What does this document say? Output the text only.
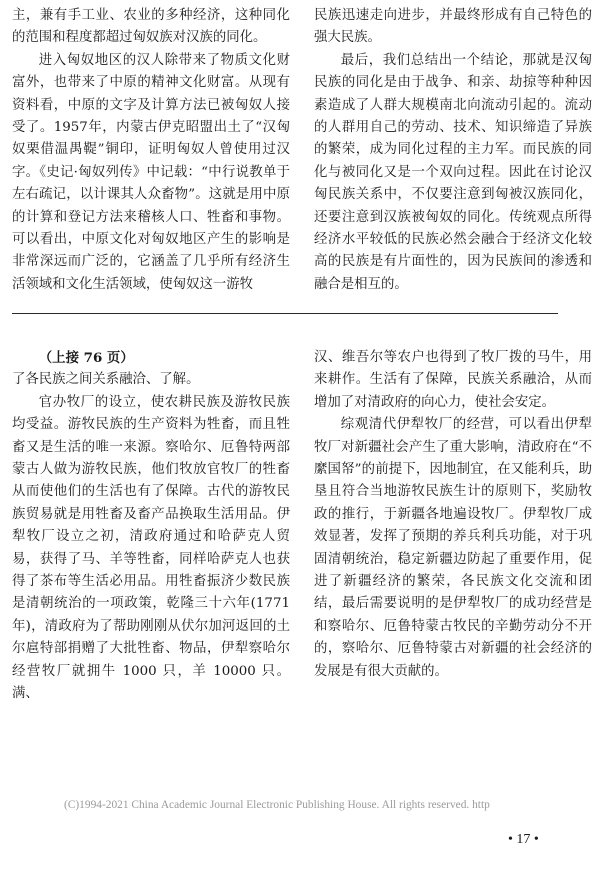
主，兼有手工业、农业的多种经济，这种同化的范围和程度都超过匈奴族对汉族的同化。

进入匈奴地区的汉人除带来了物质文化财富外，也带来了中原的精神文化财富。从现有资料看，中原的文字及计算方法已被匈奴人接受了。1957年，内蒙古伊克昭盟出土了“汉匈奴栗借温禺鞮”铜印，证明匈奴人曾使用过汉字。《史记·匈奴列传》中记载：“中行说教单于左右疏记，以计课其人众畜物”。这就是用中原的计算和登记方法来稽核人口、牲畜和事物。可以看出，中原文化对匈奴地区产生的影响是非常深远而广泛的，它涵盖了几乎所有经济生活领域和文化生活领域，使匈奴这一游牧

民族迅速走向进步，并最终形成有自己特色的强大民族。

最后，我们总结出一个结论，那就是汉匈民族的同化是由于战争、和亲、劫掠等种种因素造成了人群大规模南北向流动引起的。流动的人群用自己的劳动、技术、知识缔造了异族的繁荣，成为同化过程的主力军。而民族的同化与被同化又是一个双向过程。因此在讨论汉匈民族关系中，不仅要注意到匈被汉族同化，还要注意到汉族被匈奴的同化。传统观点所得经济水平较低的民族必然会融合于经济文化较高的民族是有片面性的，因为民族间的渗透和融合是相互的。

（上接 76 页）

了各民族之间关系融洽、了解。

官办牧厂的设立，使农耕民族及游牧民族均受益。游牧民族的生产资料为牲畜，而且牲畜又是生活的唯一来源。察哈尔、厄鲁特两部蒙古人做为游牧民族，他们牧放官牧厂的牲畜从而使他们的生活也有了保障。古代的游牧民族贸易就是用牲畜及畜产品换取生活用品。伊犁牧厂设立之初，清政府通过和哈萨克人贸易，获得了马、羊等牲畜，同样哈萨克人也获得了茶布等生活必用品。用牲畜振济少数民族是清朝统治的一项政策，乾隆三十六年(1771年)，清政府为了帮助刚刚从伏尔加河返回的土尔扈特部捐赠了大批牲畜、物品，伊犁察哈尔经营牧厂就拥牛 1000 只，羊 10000 只。满、

汉、维吾尔等农户也得到了牧厂拨的马牛，用来耕作。生活有了保障，民族关系融洽，从而增加了对清政府的向心力，使社会安定。

综观清代伊犁牧厂的经营，可以看出伊犁牧厂对新疆社会产生了重大影响，清政府在“不縻国帑”的前提下，因地制宜，在又能利兵，助垦且符合当地游牧民族生计的原则下，奖励牧政的推行，于新疆各地遍设牧厂。伊犁牧厂成效显著，发挥了预期的养兵利兵功能，对于巩固清朝统治，稳定新疆边防起了重要作用，促进了新疆经济的繁荣，各民族文化交流和团结，最后需要说明的是伊犁牧厂的成功经营是和察哈尔、厄鲁特蒙古牧民的辛勤劳动分不开的，察哈尔、厄鲁特蒙古对新疆的社会经济的发展是有很大贡献的。

(C)1994-2021 China Academic Journal Electronic Publishing House. All rights reserved. http
• 17 •
